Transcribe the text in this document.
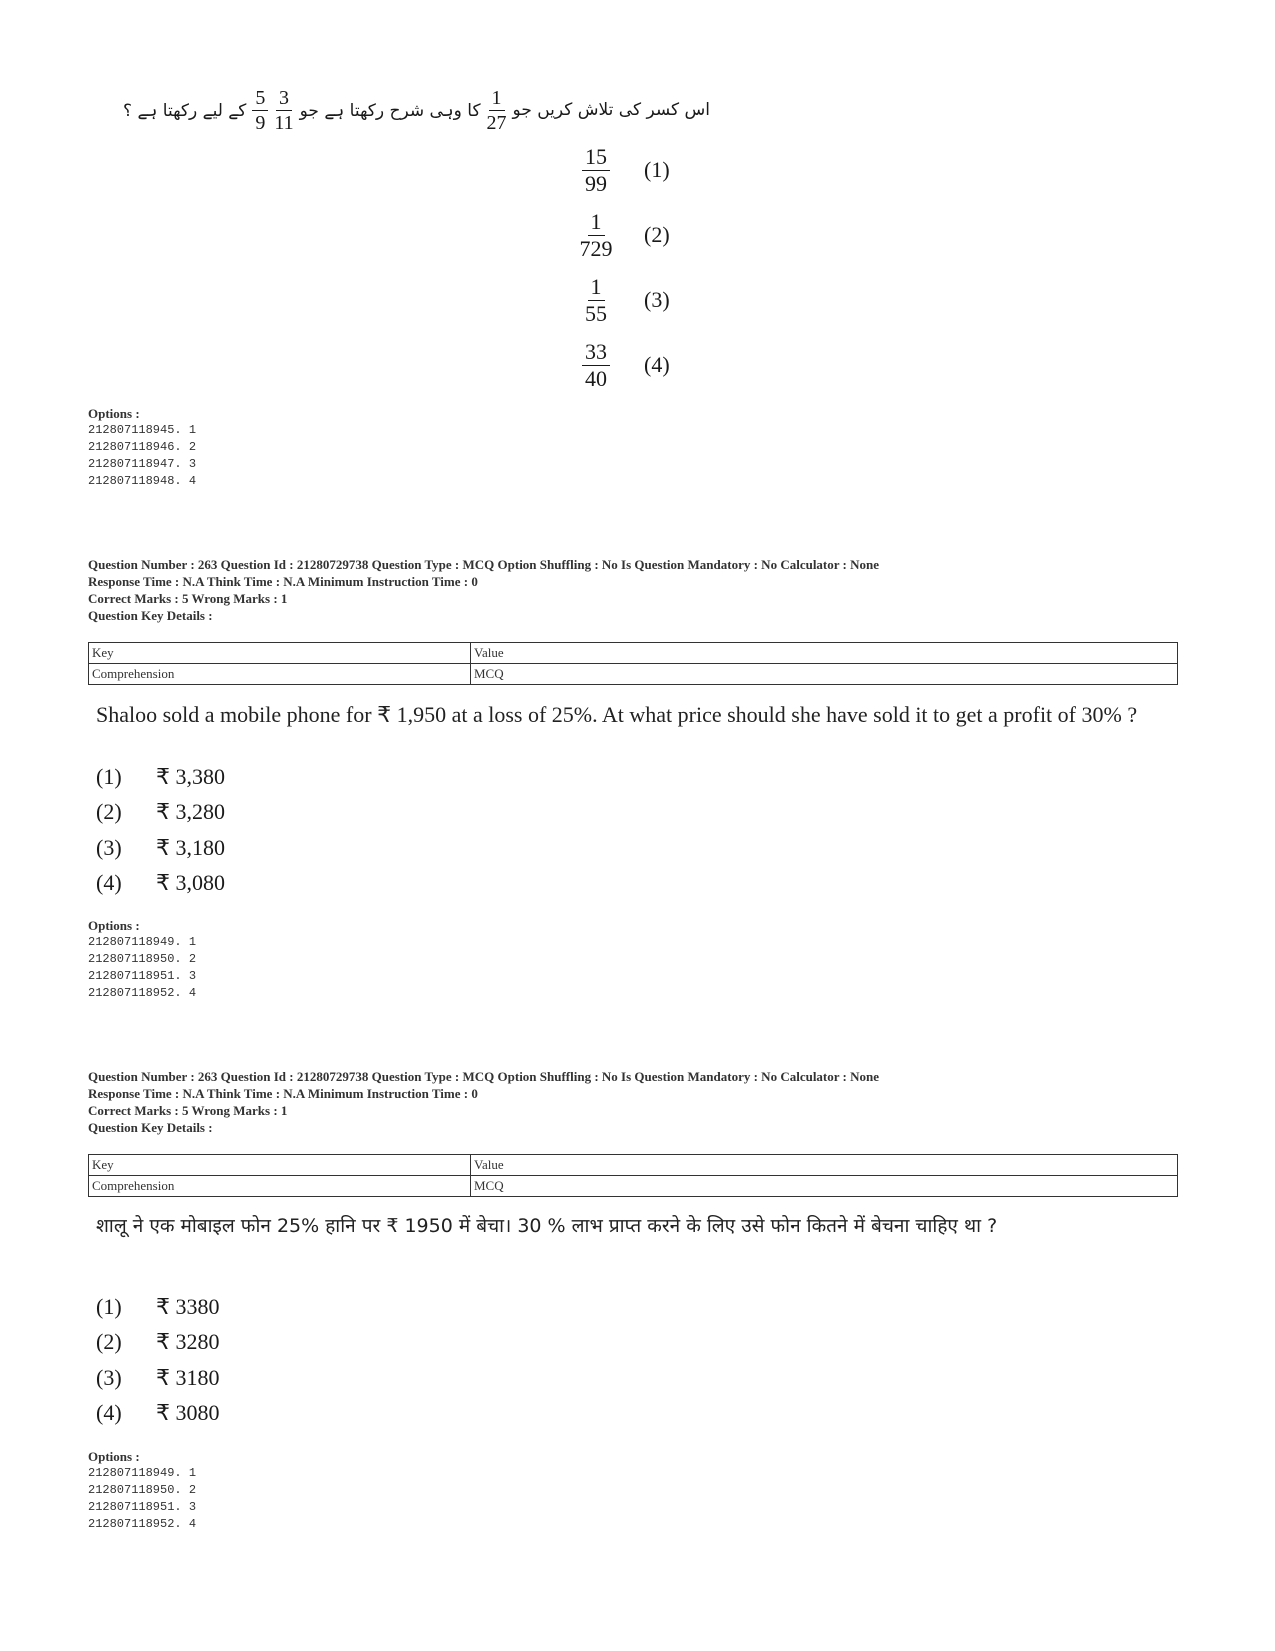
اس کسر کی تلاش کریں جو
$\frac{1}{27}$
کا وہی شرح رکھتا ہے جو
$\frac{3}{11}$
$\frac{5}{9}$
کے لیے رکھتا ہے ؟
$\frac{15}{99} (1)$
$\frac{1}{729} (2)$
$\frac{1}{55} (3)$
$\frac{33}{40} (4)$
Options :
212807118945. 1
212807118946. 2
212807118947. 3
212807118948. 4
Question Number : 263 Question Id : 21280729738 Question Type : MCQ Option Shuffling : No Is Question Mandatory : No Calculator : None
Response Time : N.A Think Time : N.A Minimum Instruction Time : 0
Correct Marks : 5 Wrong Marks : 1
Question Key Details :
Key	Value
Comprehension	MCQ
Shaloo sold a mobile phone for ₹ 1,950 at a loss of 25%. At what price should she have sold it to get a profit of 30% ?
(1)	₹ 3,380
(2)	₹ 3,280
(3)	₹ 3,180
(4)	₹ 3,080
Options :
212807118949. 1
212807118950. 2
212807118951. 3
212807118952. 4
Question Number : 263 Question Id : 21280729738 Question Type : MCQ Option Shuffling : No Is Question Mandatory : No Calculator : None
Response Time : N.A Think Time : N.A Minimum Instruction Time : 0
Correct Marks : 5 Wrong Marks : 1
Question Key Details :
Key	Value
Comprehension	MCQ
शालू ने एक मोबाइल फोन 25% हानि पर ₹ 1950 में बेचा। 30 % लाभ प्राप्त करने के लिए उसे फोन कितने में बेचना चाहिए था ?
(1)	₹ 3380
(2)	₹ 3280
(3)	₹ 3180
(4)	₹ 3080
Options :
212807118949. 1
212807118950. 2
212807118951. 3
212807118952. 4
